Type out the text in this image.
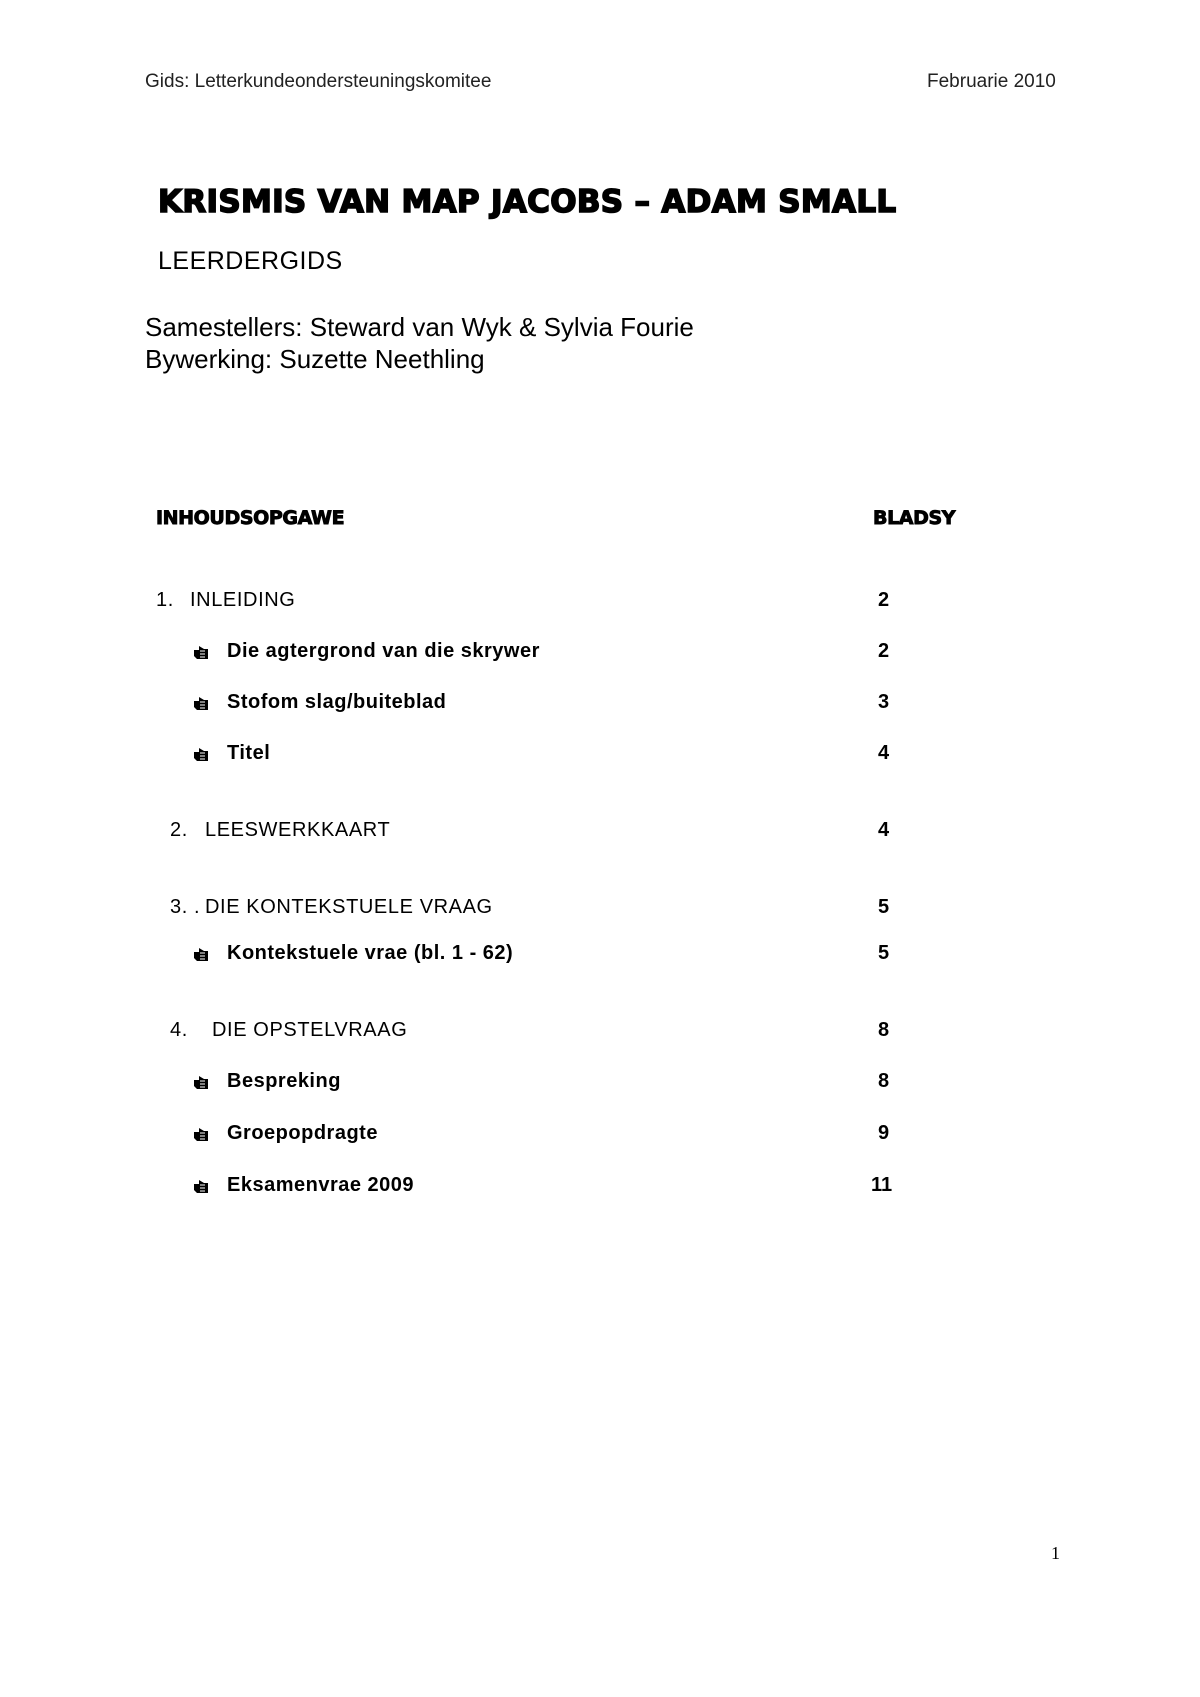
Gids: Letterkundeondersteuningskomitee	Februarie 2010
KRISMIS VAN MAP JACOBS – ADAM SMALL
LEERDERGIDS
Samestellers: Steward van Wyk & Sylvia Fourie
Bywerking: Suzette Neethling
INHOUDSOPGAWE	BLADSY
1. INLEIDING	2
Die agtergrond van die skrywer	2
Stofom slag/buiteblad	3
Titel	4
2. LEESWERKKAART	4
3. . DIE KONTEKSTUELE VRAAG	5
Kontekstuele vrae (bl. 1 - 62)	5
4. DIE OPSTELVRAAG	8
Bespreking	8
Groepopdragte	9
Eksamenvrae 2009	11
1
